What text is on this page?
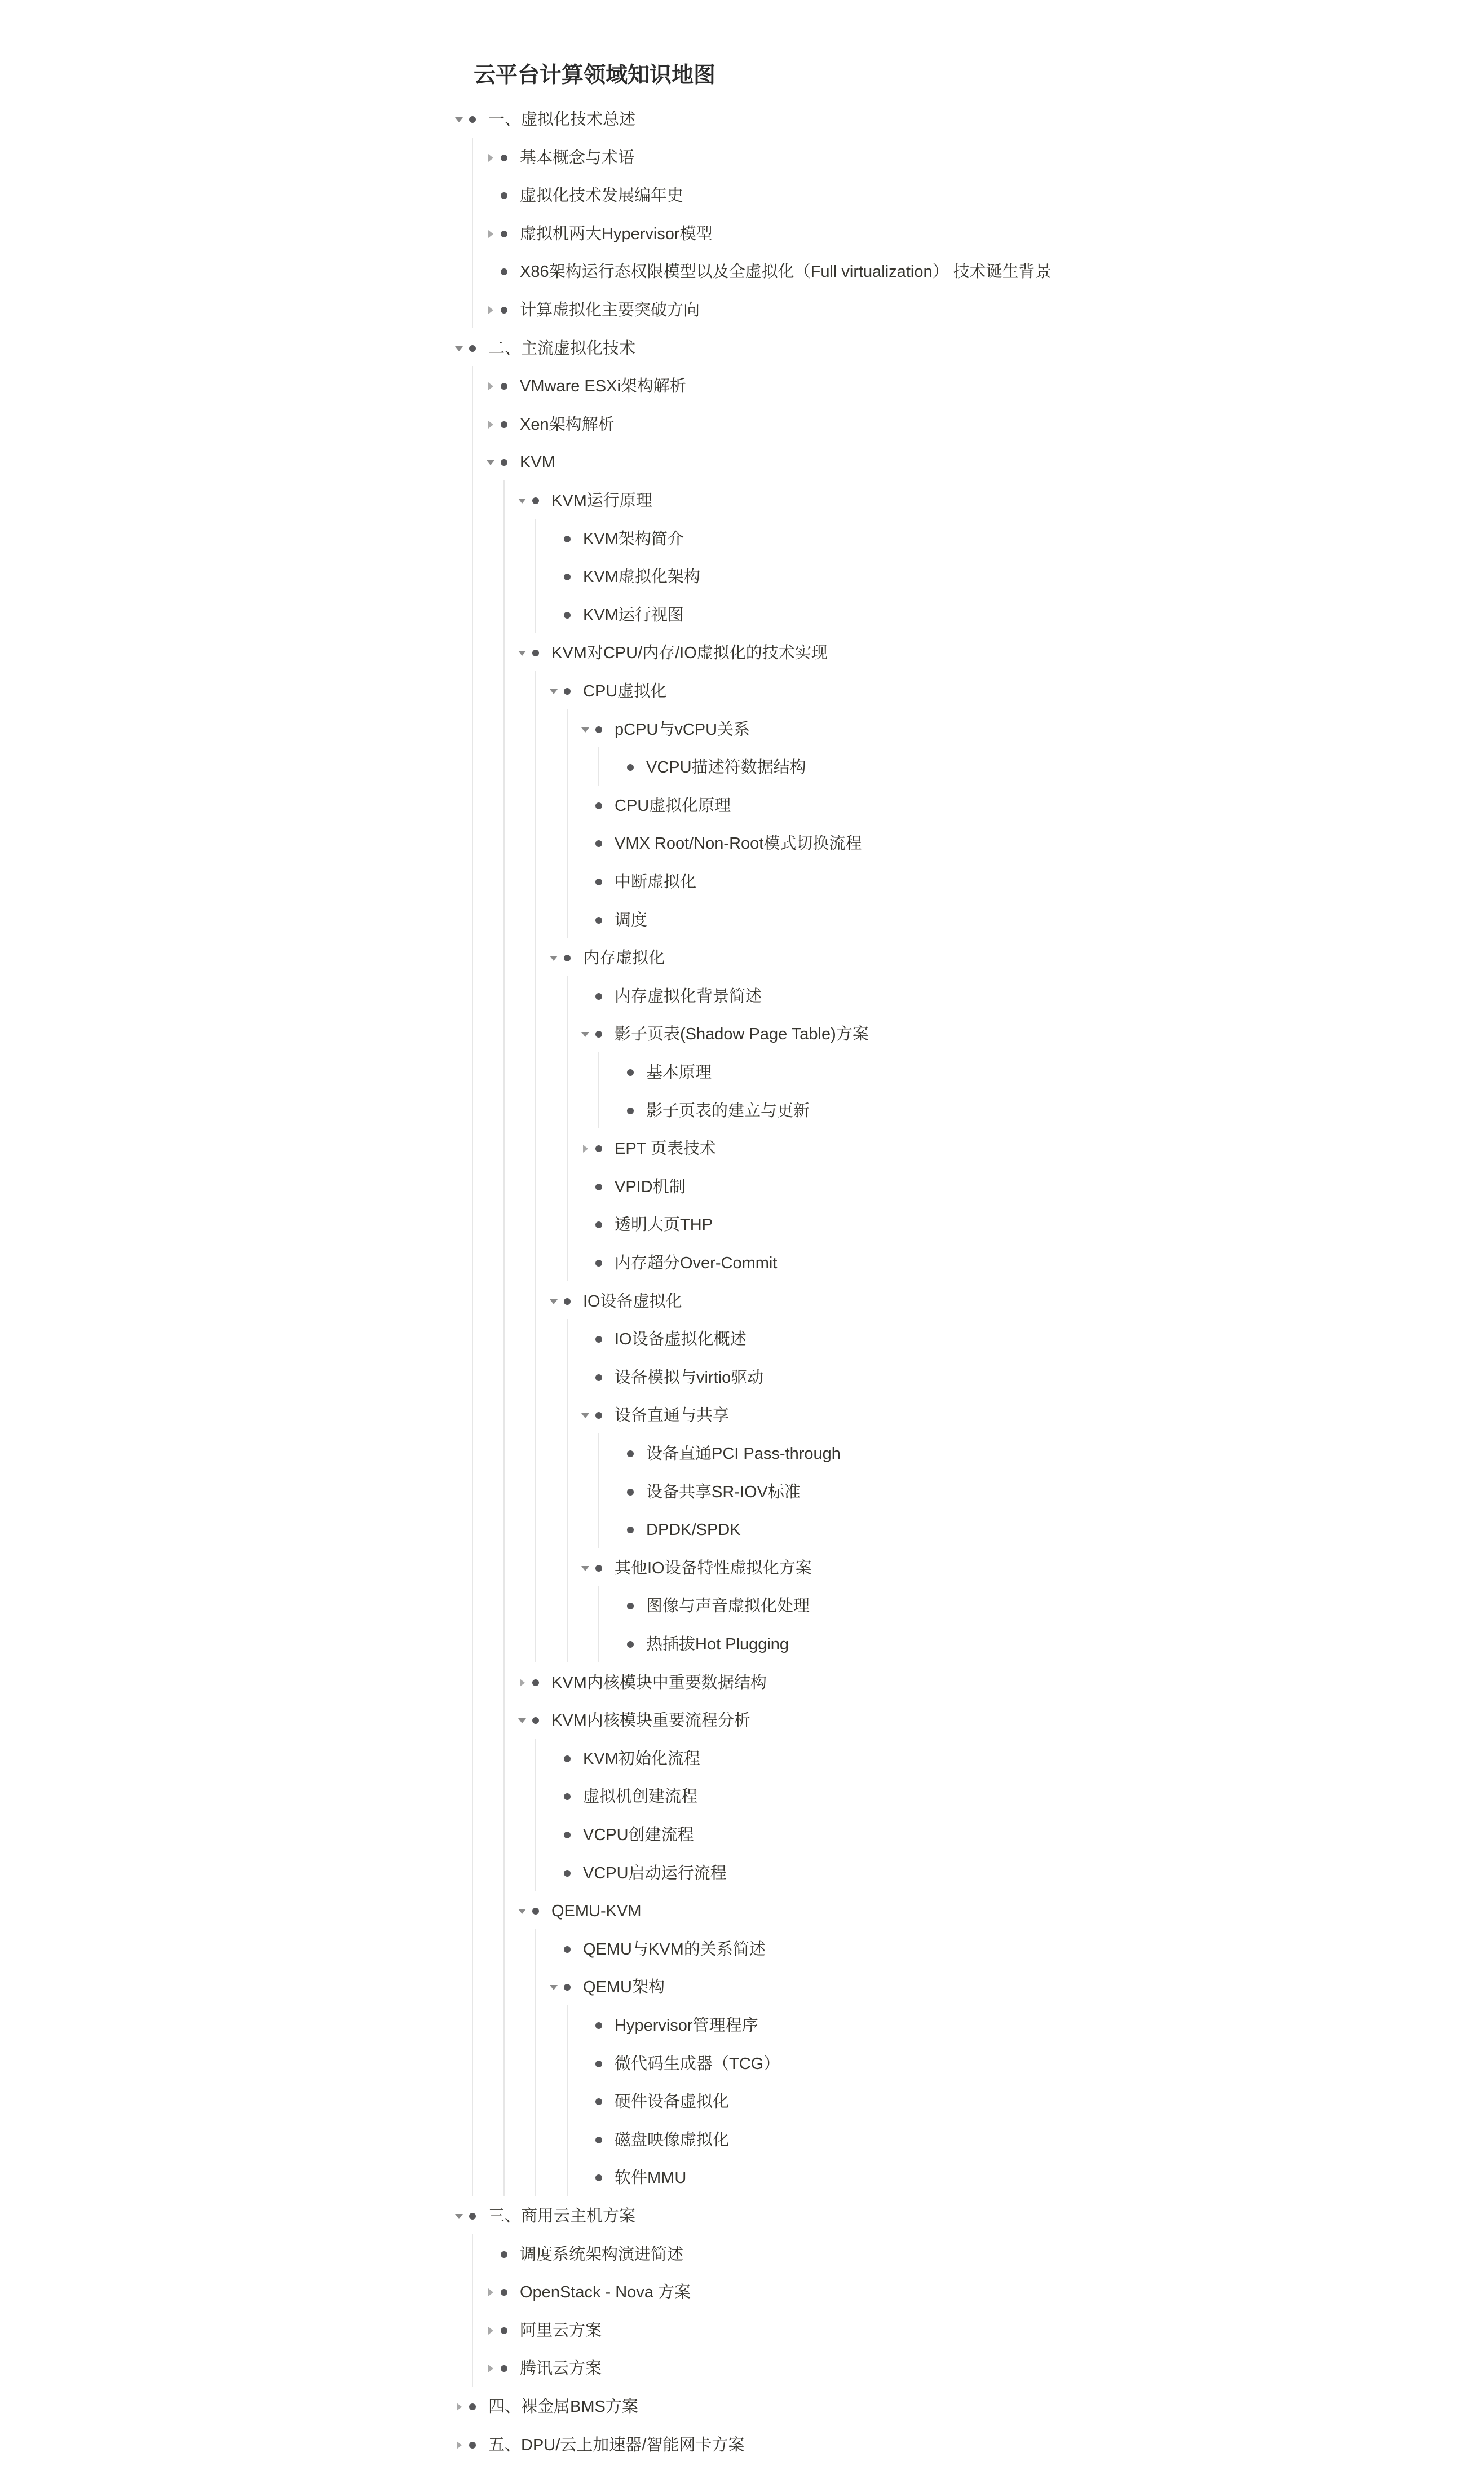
云平台计算领域知识地图
一、虚拟化技术总述
基本概念与术语
虚拟化技术发展编年史
虚拟机两大Hypervisor模型
X86架构运行态权限模型以及全虚拟化（Full virtualization） 技术诞生背景
计算虚拟化主要突破方向
二、主流虚拟化技术
VMware ESXi架构解析
Xen架构解析
KVM
KVM运行原理
KVM架构简介
KVM虚拟化架构
KVM运行视图
KVM对CPU/内存/IO虚拟化的技术实现
CPU虚拟化
pCPU与vCPU关系
VCPU描述符数据结构
CPU虚拟化原理
VMX Root/Non-Root模式切换流程
中断虚拟化
调度
内存虚拟化
内存虚拟化背景简述
影子页表(Shadow Page Table)方案
基本原理
影子页表的建立与更新
EPT 页表技术
VPID机制
透明大页THP
内存超分Over-Commit
IO设备虚拟化
IO设备虚拟化概述
设备模拟与virtio驱动
设备直通与共享
设备直通PCI Pass-through
设备共享SR-IOV标准
DPDK/SPDK
其他IO设备特性虚拟化方案
图像与声音虚拟化处理
热插拔Hot Plugging
KVM内核模块中重要数据结构
KVM内核模块重要流程分析
KVM初始化流程
虚拟机创建流程
VCPU创建流程
VCPU启动运行流程
QEMU-KVM
QEMU与KVM的关系简述
QEMU架构
Hypervisor管理程序
微代码生成器（TCG）
硬件设备虚拟化
磁盘映像虚拟化
软件MMU
三、商用云主机方案
调度系统架构演进简述
OpenStack - Nova 方案
阿里云方案
腾讯云方案
四、裸金属BMS方案
五、DPU/云上加速器/智能网卡方案
